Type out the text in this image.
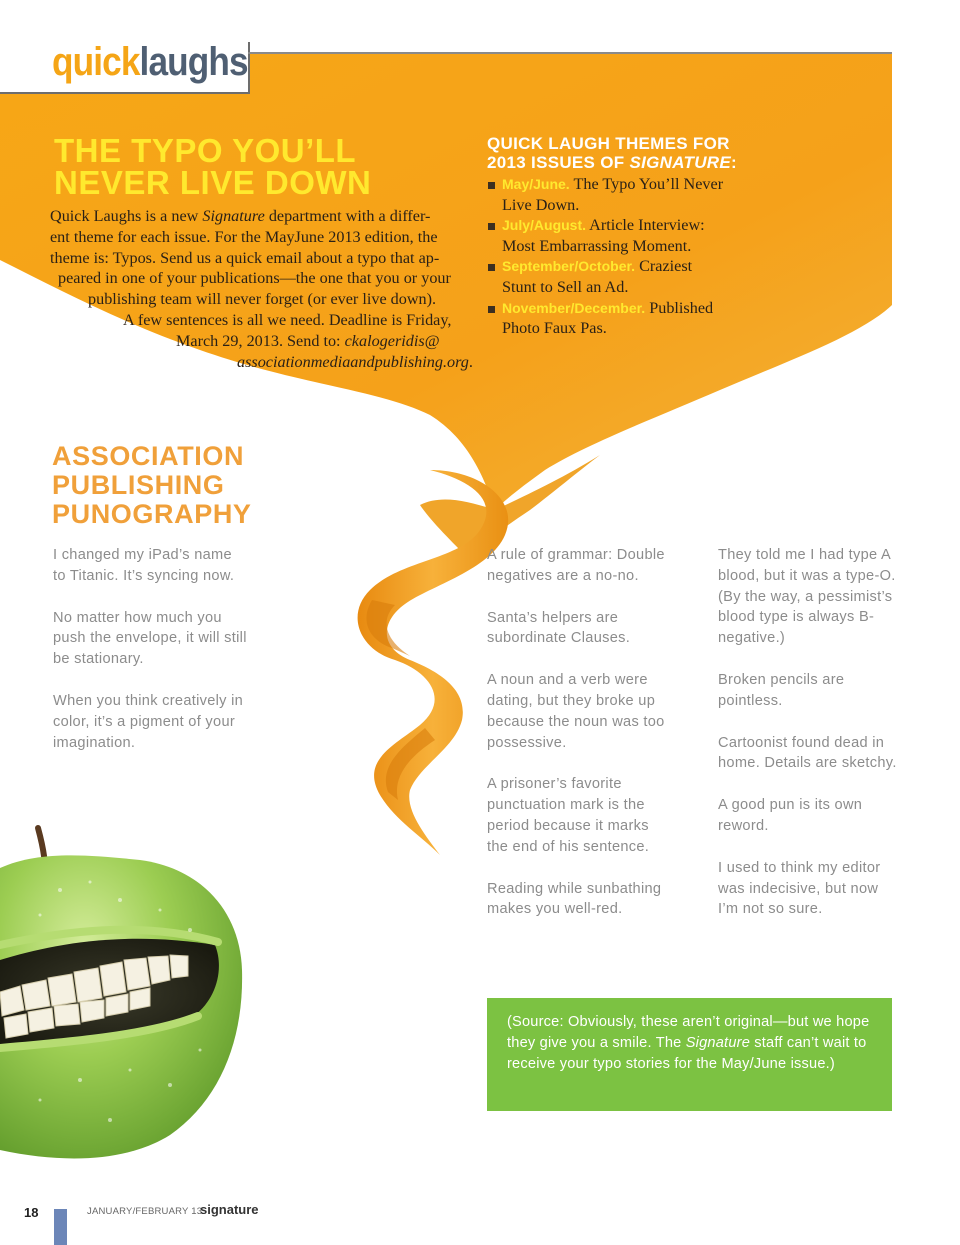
quicklaughs
THE TYPO YOU’LL
NEVER LIVE DOWN
Quick Laughs is a new Signature department with a differ-
ent theme for each issue. For the MayJune 2013 edition, the
theme is: Typos. Send us a quick email about a typo that ap-
peared in one of your publications—the one that you or your
publishing team will never forget (or ever live down).
A few sentences is all we need. Deadline is Friday,
March 29, 2013. Send to: ckalogeridis@
associationmediaandpublishing.org.
QUICK LAUGH THEMES FOR
2013 ISSUES OF SIGNATURE:
May/June. The Typo You’ll Never
Live Down.
July/August. Article Interview:
Most Embarrassing Moment.
September/October. Craziest
Stunt to Sell an Ad.
November/December. Published
Photo Faux Pas.
ASSOCIATION
PUBLISHING
PUNOGRAPHY

I changed my iPad’s name to Titanic. It’s syncing now.

No matter how much you push the envelope, it will still be stationary.

When you think creatively in color, it’s a pigment of your imagination.

A rule of grammar: Double negatives are a no-no.

Santa’s helpers are subordinate Clauses.

A noun and a verb were dating, but they broke up because the noun was too possessive.

A prisoner’s favorite punctuation mark is the period because it marks the end of his sentence.

Reading while sunbathing makes you well-red.

They told me I had type A blood, but it was a type-O. (By the way, a pessimist’s blood type is always B-negative.)

Broken pencils are pointless.

Cartoonist found dead in home. Details are sketchy.

A good pun is its own reword.

I used to think my editor was indecisive, but now I’m not so sure.

(Source: Obviously, these aren’t original—but we hope they give you a smile. The Signature staff can’t wait to receive your typo stories for the May/June issue.)
18	JANUARY/FEBRUARY 13
signature
